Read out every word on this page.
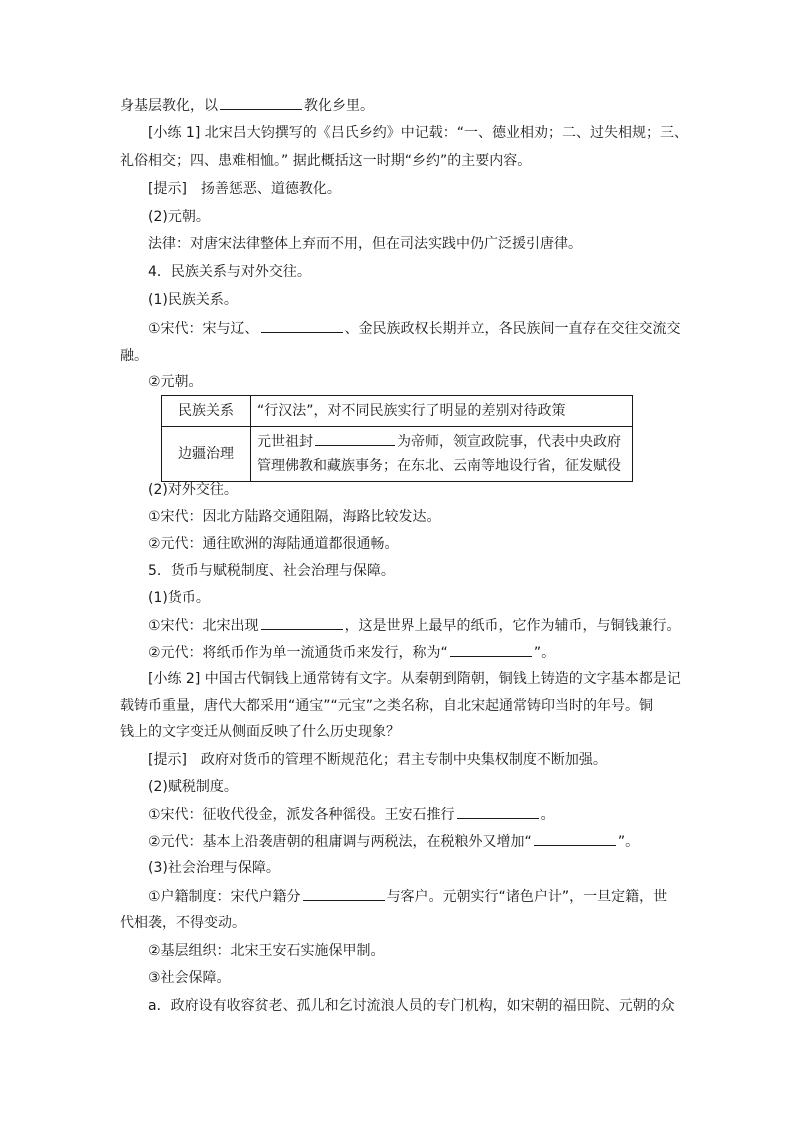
身基层教化，以	教化乡里。
[小练 1] 北宋吕大钧撰写的《吕氏乡约》中记载：“一、德业相劝；二、过失相规；三、
礼俗相交；四、患难相恤。” 据此概括这一时期“乡约”的主要内容。
[提示]　扬善惩恶、道德教化。
(2)元朝。
法律：对唐宋法律整体上弃而不用，但在司法实践中仍广泛援引唐律。
4．民族关系与对外交往。
(1)民族关系。
①宋代：宋与辽、	、金民族政权长期并立，各民族间一直存在交往交流交
融。
②元朝。
民族关系	“行汉法”，对不同民族实行了明显的差别对待政策
边疆治理	元世祖封 为帝师，领宣政院事，代表中央政府
管理佛教和藏族事务；在东北、云南等地设行省，征发赋役
(2)对外交往。
①宋代：因北方陆路交通阻隔，海路比较发达。
②元代：通往欧洲的海陆通道都很通畅。
5．货币与赋税制度、社会治理与保障。
(1)货币。
①宋代：北宋出现	，这是世界上最早的纸币，它作为辅币，与铜钱兼行。
②元代：将纸币作为单一流通货币来发行，称为“	”。
[小练 2] 中国古代铜钱上通常铸有文字。从秦朝到隋朝，铜钱上铸造的文字基本都是记
载铸币重量，唐代大都采用“通宝”“元宝”之类名称，自北宋起通常铸印当时的年号。铜
钱上的文字变迁从侧面反映了什么历史现象？
[提示]　政府对货币的管理不断规范化；君主专制中央集权制度不断加强。
(2)赋税制度。
①宋代：征收代役金，派发各种徭役。王安石推行	。
②元代：基本上沿袭唐朝的租庸调与两税法，在税粮外又增加“	”。
(3)社会治理与保障。
①户籍制度：宋代户籍分	与客户。元朝实行“诸色户计”，一旦定籍，世
代相袭，不得变动。
②基层组织：北宋王安石实施保甲制。
③社会保障。
a．政府设有收容贫老、孤儿和乞讨流浪人员的专门机构，如宋朝的福田院、元朝的众
